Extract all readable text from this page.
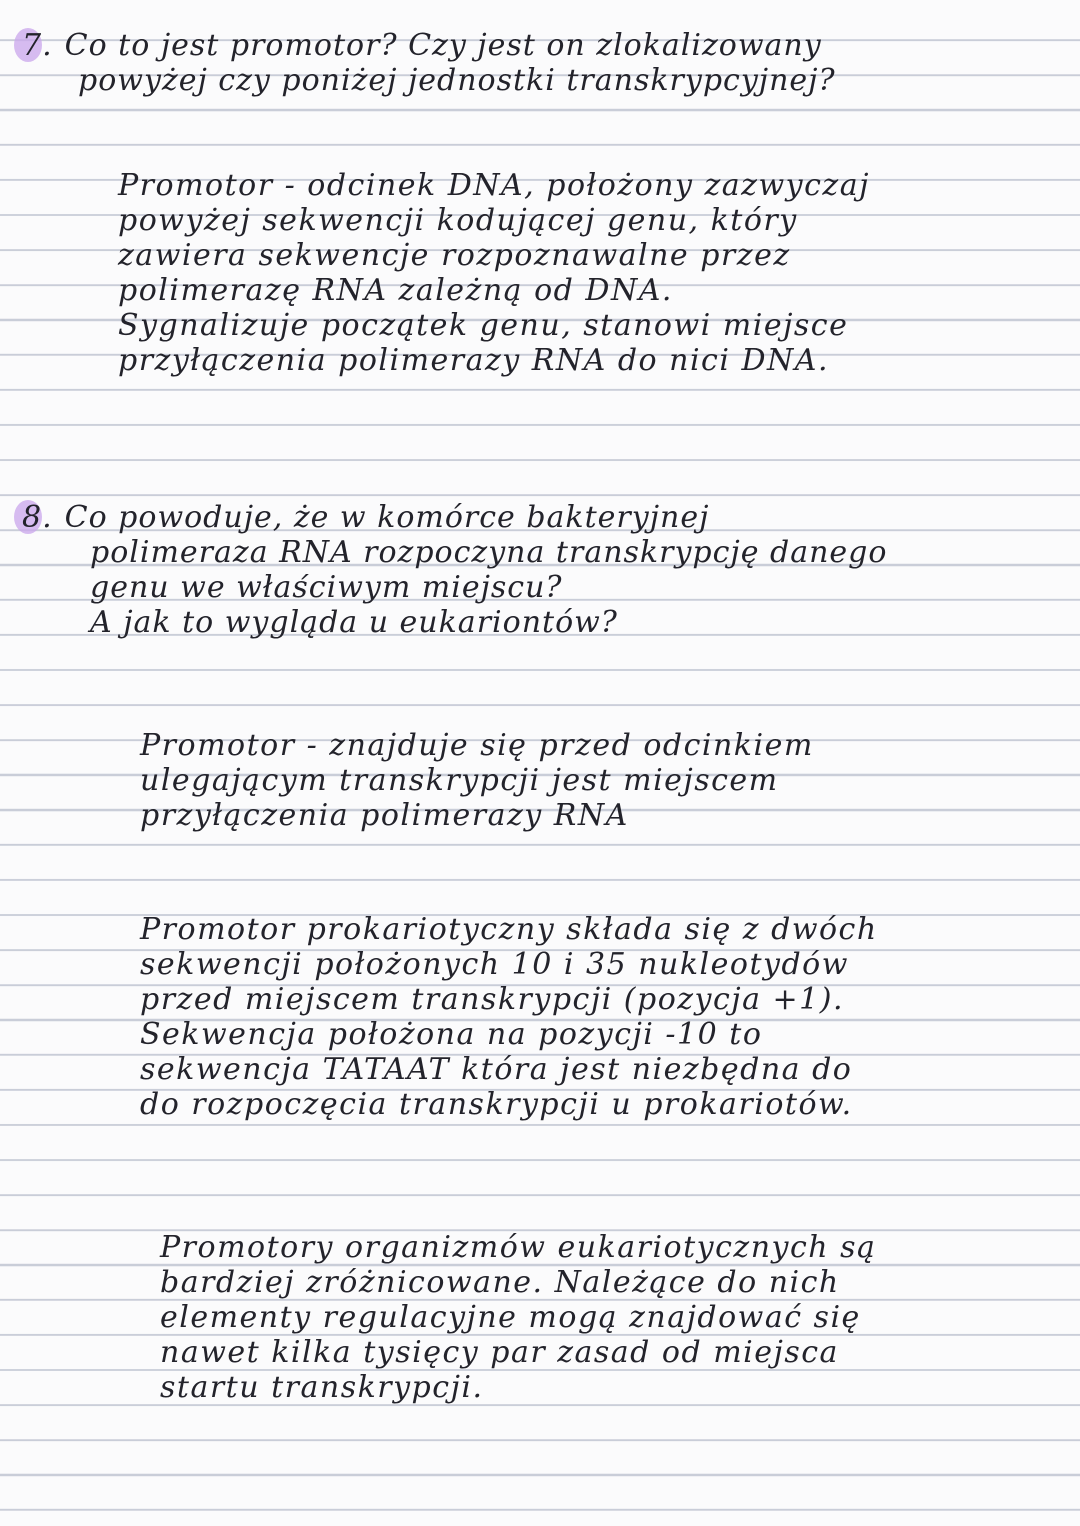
7. Co to jest promotor? Czy jest on zlokalizowany
powyżej czy poniżej jednostki transkrypcyjnej?
Promotor - odcinek DNA, położony zazwyczaj
powyżej sekwencji kodującej genu, który
zawiera sekwencje rozpoznawalne przez
polimerazę RNA zależną od DNA.
Sygnalizuje początek genu, stanowi miejsce
przyłączenia polimerazy RNA do nici DNA.
8. Co powoduje, że w komórce bakteryjnej
polimeraza RNA rozpoczyna transkrypcję danego
genu we właściwym miejscu?
A jak to wygląda u eukariontów?
Promotor - znajduje się przed odcinkiem
ulegającym transkrypcji jest miejscem
przyłączenia polimerazy RNA
Promotor prokariotyczny składa się z dwóch
sekwencji położonych 10 i 35 nukleotydów
przed miejscem transkrypcji (pozycja +1).
Sekwencja położona na pozycji -10 to
sekwencja TATAAT która jest niezbędna do
do rozpoczęcia transkrypcji u prokariotów.
Promotory organizmów eukariotycznych są
bardziej zróżnicowane. Należące do nich
elementy regulacyjne mogą znajdować się
nawet kilka tysięcy par zasad od miejsca
startu transkrypcji.
